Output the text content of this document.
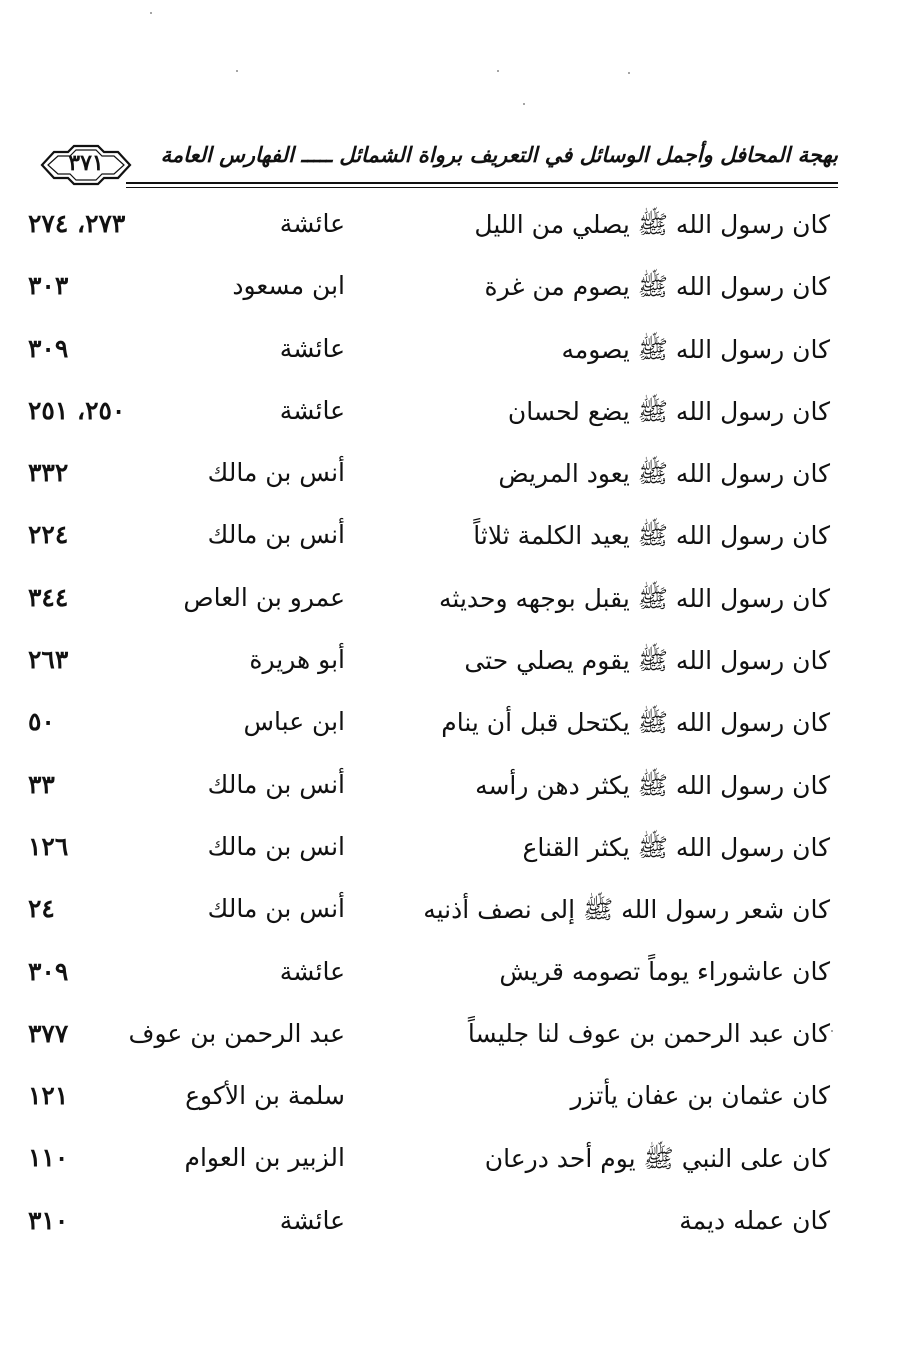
٣٧١	بهجة المحافل وأجمل الوسائل في التعريف برواة الشمائل ـــــ الفهارس العامة
كان رسول الله ﷺ يصلي من الليل
عائشة
٢٧٣، ٢٧٤
كان رسول الله ﷺ يصوم من غرة
ابن مسعود
٣٠٣
كان رسول الله ﷺ يصومه
عائشة
٣٠٩
كان رسول الله ﷺ يضع لحسان
عائشة
٢٥٠، ٢٥١
كان رسول الله ﷺ يعود المريض
أنس بن مالك
٣٣٢
كان رسول الله ﷺ يعيد الكلمة ثلاثاً
أنس بن مالك
٢٢٤
كان رسول الله ﷺ يقبل بوجهه وحديثه
عمرو بن العاص
٣٤٤
كان رسول الله ﷺ يقوم يصلي حتى
أبو هريرة
٢٦٣
كان رسول الله ﷺ يكتحل قبل أن ينام
ابن عباس
٥٠
كان رسول الله ﷺ يكثر دهن رأسه
أنس بن مالك
٣٣
كان رسول الله ﷺ يكثر القناع
انس بن مالك
١٢٦
كان شعر رسول الله ﷺ إلى نصف أذنيه
أنس بن مالك
٢٤
كان عاشوراء يوماً تصومه قريش
عائشة
٣٠٩
كان عبد الرحمن بن عوف لنا جليساً
عبد الرحمن بن عوف
٣٧٧
كان عثمان بن عفان يأتزر
سلمة بن الأكوع
١٢١
كان على النبي ﷺ يوم أحد درعان
الزبير بن العوام
١١٠
كان عمله ديمة
عائشة
٣١٠
